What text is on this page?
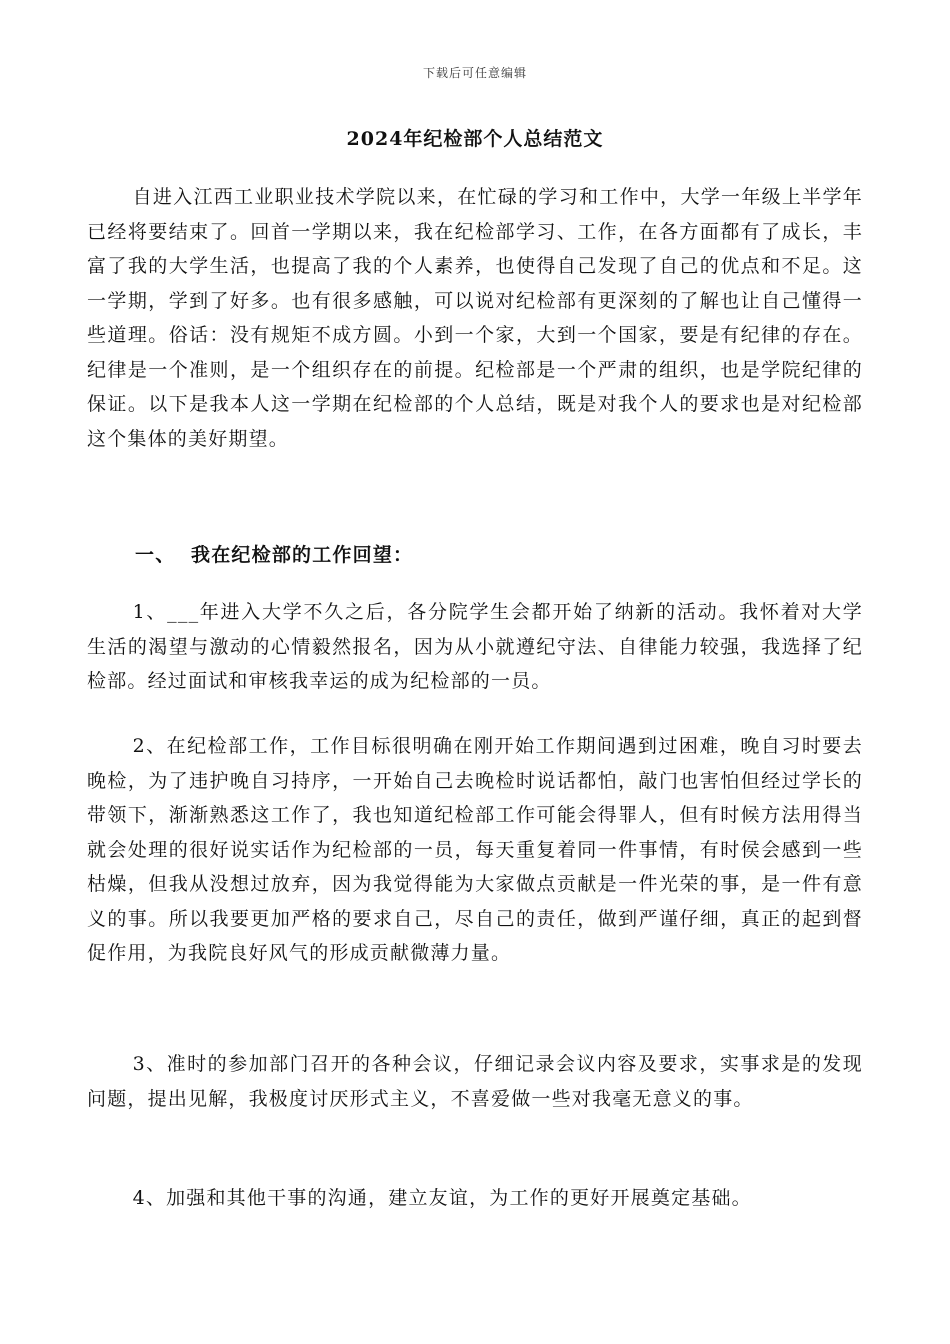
下载后可任意编辑
2024年纪检部个人总结范文

自进入江西工业职业技术学院以来，在忙碌的学习和工作中，大学一年级上半学年已经将要结束了。回首一学期以来，我在纪检部学习、工作，在各方面都有了成长，丰富了我的大学生活，也提高了我的个人素养，也使得自己发现了自己的优点和不足。这一学期，学到了好多。也有很多感触，可以说对纪检部有更深刻的了解也让自己懂得一些道理。俗话：没有规矩不成方圆。小到一个家，大到一个国家，要是有纪律的存在。纪律是一个准则，是一个组织存在的前提。纪检部是一个严肃的组织，也是学院纪律的保证。以下是我本人这一学期在纪检部的个人总结，既是对我个人的要求也是对纪检部这个集体的美好期望。

一、  我在纪检部的工作回望：

1、___年进入大学不久之后，各分院学生会都开始了纳新的活动。我怀着对大学生活的渴望与激动的心情毅然报名，因为从小就遵纪守法、自律能力较强，我选择了纪检部。经过面试和审核我幸运的成为纪检部的一员。

2、在纪检部工作，工作目标很明确在刚开始工作期间遇到过困难，晚自习时要去晚检，为了违护晚自习持序，一开始自己去晚检时说话都怕，敲门也害怕但经过学长的带领下，渐渐熟悉这工作了，我也知道纪检部工作可能会得罪人，但有时候方法用得当就会处理的很好说实话作为纪检部的一员，每天重复着同一件事情，有时侯会感到一些枯燥，但我从没想过放弃，因为我觉得能为大家做点贡献是一件光荣的事，是一件有意义的事。所以我要更加严格的要求自己，尽自己的责任，做到严谨仔细，真正的起到督促作用，为我院良好风气的形成贡献微薄力量。

3、准时的参加部门召开的各种会议，仔细记录会议内容及要求，实事求是的发现问题，提出见解，我极度讨厌形式主义，不喜爱做一些对我毫无意义的事。

4、加强和其他干事的沟通，建立友谊，为工作的更好开展奠定基础。
